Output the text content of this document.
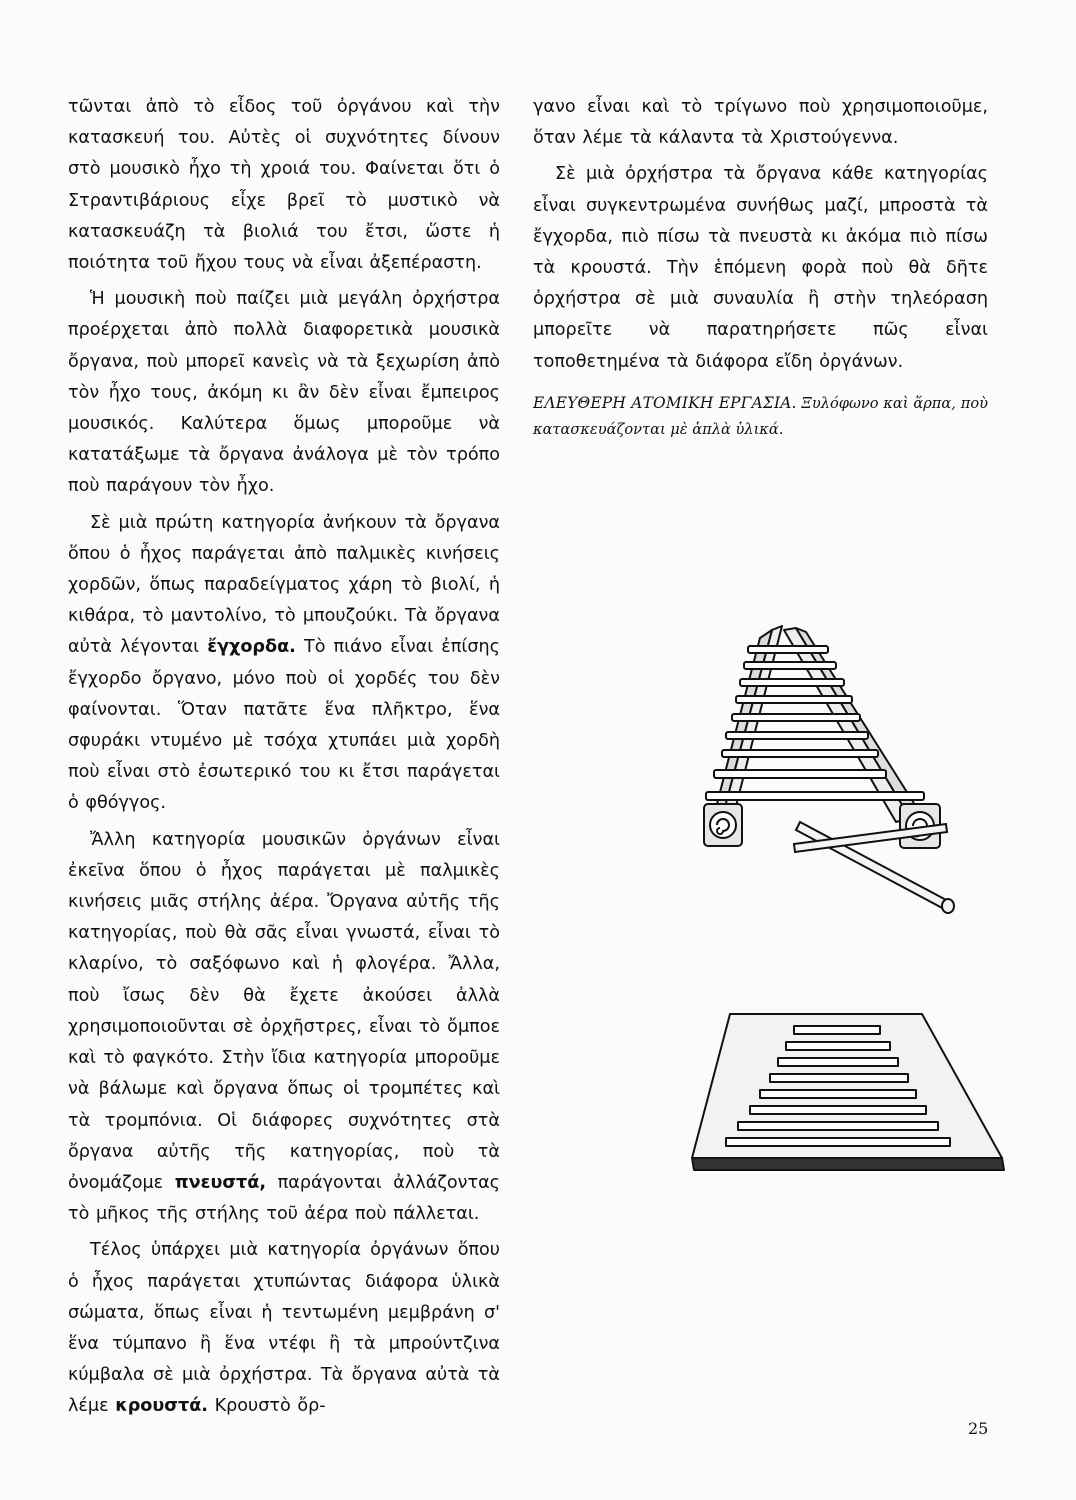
τῶνται ἀπὸ τὸ εἶδος τοῦ ὀργάνου καὶ τὴν κατασκευή του. Αὐτὲς οἱ συχνότητες δίνουν στὸ μουσικὸ ἦχο τὴ χροιά του. Φαίνεται ὅτι ὁ Στραντιβάριους εἶχε βρεῖ τὸ μυστικὸ νὰ κατασκευάζη τὰ βιολιά του ἔτσι, ὥστε ἡ ποιότητα τοῦ ἤχου τους νὰ εἶναι ἀξεπέραστη.

Ἡ μουσικὴ ποὺ παίζει μιὰ μεγάλη ὀρχήστρα προέρχεται ἀπὸ πολλὰ διαφορετικὰ μουσικὰ ὄργανα, ποὺ μπορεῖ κανεὶς νὰ τὰ ξεχωρίση ἀπὸ τὸν ἦχο τους, ἀκόμη κι ἂν δὲν εἶναι ἔμπειρος μουσικός. Καλύτερα ὅμως μποροῦμε νὰ κατατάξωμε τὰ ὄργανα ἀνάλογα μὲ τὸν τρόπο ποὺ παράγουν τὸν ἦχο.

Σὲ μιὰ πρώτη κατηγορία ἀνήκουν τὰ ὄργανα ὅπου ὁ ἦχος παράγεται ἀπὸ παλμικὲς κινήσεις χορδῶν, ὅπως παραδείγματος χάρη τὸ βιολί, ἡ κιθάρα, τὸ μαντολίνο, τὸ μπουζούκι. Τὰ ὄργανα αὐτὰ λέγονται ἔγχορδα. Τὸ πιάνο εἶναι ἐπίσης ἔγχορδο ὄργανο, μόνο ποὺ οἱ χορδές του δὲν φαίνονται. Ὅταν πατᾶτε ἕνα πλῆκτρο, ἕνα σφυράκι ντυμένο μὲ τσόχα χτυπάει μιὰ χορδὴ ποὺ εἶναι στὸ ἐσωτερικό του κι ἔτσι παράγεται ὁ φθόγγος.

Ἄλλη κατηγορία μουσικῶν ὀργάνων εἶναι ἐκεῖνα ὅπου ὁ ἦχος παράγεται μὲ παλμικὲς κινήσεις μιᾶς στήλης ἀέρα. Ὄργανα αὐτῆς τῆς κατηγορίας, ποὺ θὰ σᾶς εἶναι γνωστά, εἶναι τὸ κλαρίνο, τὸ σαξόφωνο καὶ ἡ φλογέρα. Ἄλλα, ποὺ ἴσως δὲν θὰ ἔχετε ἀκούσει ἀλλὰ χρησιμοποιοῦνται σὲ ὀρχῆστρες, εἶναι τὸ ὄμποε καὶ τὸ φαγκότο. Στὴν ἴδια κατηγορία μποροῦμε νὰ βάλωμε καὶ ὄργανα ὅπως οἱ τρομπέτες καὶ τὰ τρομπόνια. Οἱ διάφορες συχνότητες στὰ ὄργανα αὐτῆς τῆς κατηγορίας, ποὺ τὰ ὀνομάζομε πνευστά, παράγονται ἀλλάζοντας τὸ μῆκος τῆς στήλης τοῦ ἀέρα ποὺ πάλλεται.

Τέλος ὑπάρχει μιὰ κατηγορία ὀργάνων ὅπου ὁ ἦχος παράγεται χτυπώντας διάφορα ὑλικὰ σώματα, ὅπως εἶναι ἡ τεντωμένη μεμβράνη σ' ἕνα τύμπανο ἢ ἕνα ντέφι ἢ τὰ μπρούντζινα κύμβαλα σὲ μιὰ ὀρχήστρα. Τὰ ὄργανα αὐτὰ τὰ λέμε κρουστά. Κρουστὸ ὄρ-

γανο εἶναι καὶ τὸ τρίγωνο ποὺ χρησιμοποιοῦμε, ὅταν λέμε τὰ κάλαντα τὰ Χριστούγεννα.

Σὲ μιὰ ὀρχήστρα τὰ ὄργανα κάθε κατηγορίας εἶναι συγκεντρωμένα συνήθως μαζί, μπροστὰ τὰ ἔγχορδα, πιὸ πίσω τὰ πνευστὰ κι ἀκόμα πιὸ πίσω τὰ κρουστά. Τὴν ἑπόμενη φορὰ ποὺ θὰ δῆτε ὀρχήστρα σὲ μιὰ συναυλία ἢ στὴν τηλεόραση μπορεῖτε νὰ παρατηρήσετε πῶς εἶναι τοποθετημένα τὰ διάφορα εἴδη ὀργάνων.

ΕΛΕΥΘΕΡΗ ΑΤΟΜΙΚΗ ΕΡΓΑΣΙΑ. Ξυλόφωνο καὶ ἅρπα, ποὺ κατασκευάζονται μὲ ἁπλὰ ὑλικά.

25
